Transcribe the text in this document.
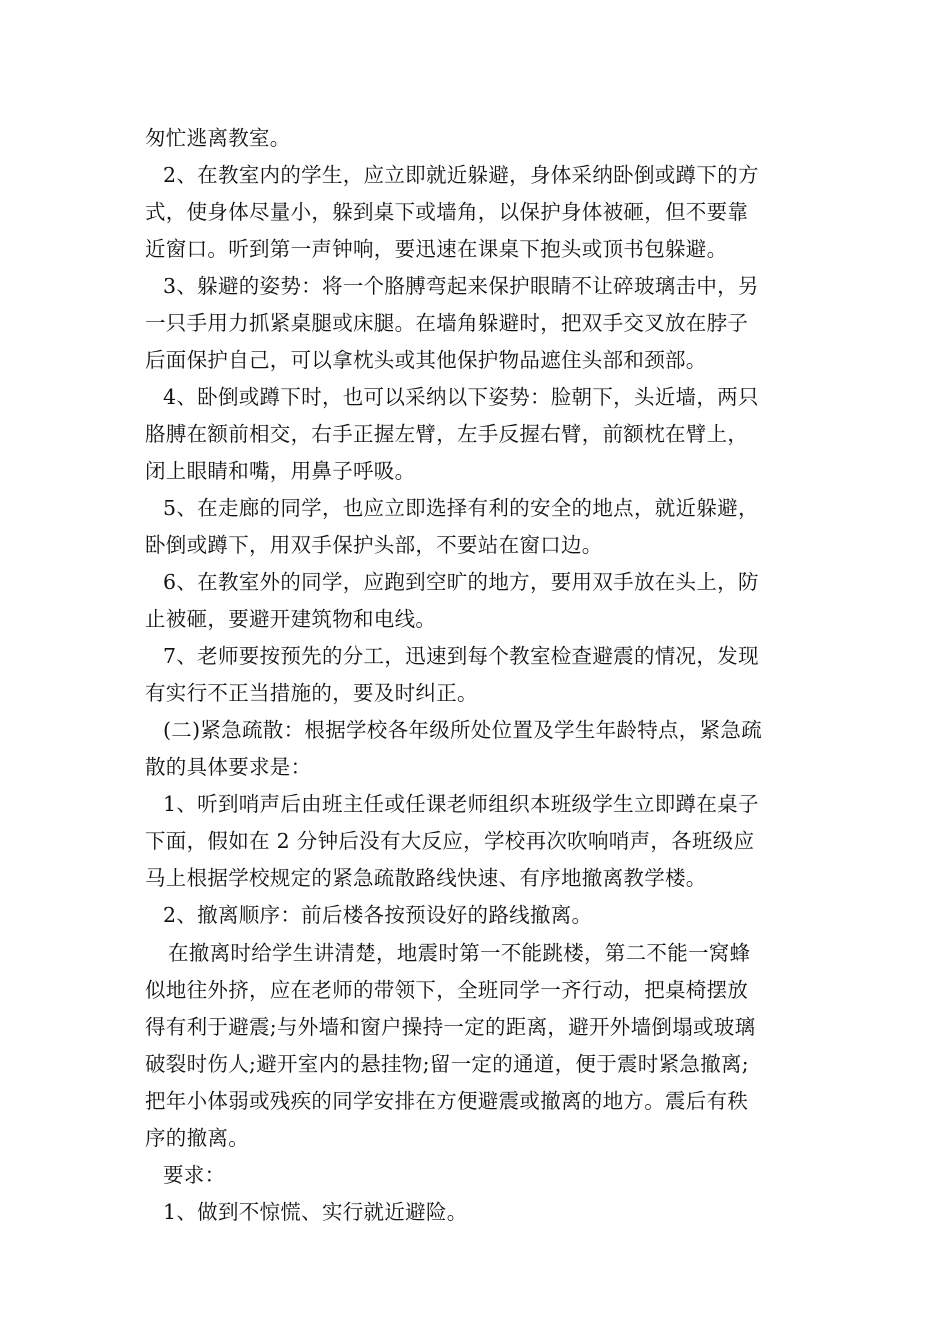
匆忙逃离教室。
2、在教室内的学生，应立即就近躲避，身体采纳卧倒或蹲下的方
式，使身体尽量小，躲到桌下或墙角，以保护身体被砸，但不要靠
近窗口。听到第一声钟响，要迅速在课桌下抱头或顶书包躲避。
3、躲避的姿势：将一个胳膊弯起来保护眼睛不让碎玻璃击中，另
一只手用力抓紧桌腿或床腿。在墙角躲避时，把双手交叉放在脖子
后面保护自己，可以拿枕头或其他保护物品遮住头部和颈部。
4、卧倒或蹲下时，也可以采纳以下姿势：脸朝下，头近墙，两只
胳膊在额前相交，右手正握左臂，左手反握右臂，前额枕在臂上，
闭上眼睛和嘴，用鼻子呼吸。
5、在走廊的同学，也应立即选择有利的安全的地点，就近躲避，
卧倒或蹲下，用双手保护头部，不要站在窗口边。
6、在教室外的同学，应跑到空旷的地方，要用双手放在头上，防
止被砸，要避开建筑物和电线。
7、老师要按预先的分工，迅速到每个教室检查避震的情况，发现
有实行不正当措施的，要及时纠正。
(二)紧急疏散：根据学校各年级所处位置及学生年龄特点，紧急疏
散的具体要求是：
1、听到哨声后由班主任或任课老师组织本班级学生立即蹲在桌子
下面，假如在 2 分钟后没有大反应，学校再次吹响哨声，各班级应
马上根据学校规定的紧急疏散路线快速、有序地撤离教学楼。
2、撤离顺序：前后楼各按预设好的路线撤离。
在撤离时给学生讲清楚，地震时第一不能跳楼，第二不能一窝蜂
似地往外挤，应在老师的带领下，全班同学一齐行动，把桌椅摆放
得有利于避震;与外墙和窗户操持一定的距离，避开外墙倒塌或玻璃
破裂时伤人;避开室内的悬挂物;留一定的通道，便于震时紧急撤离;
把年小体弱或残疾的同学安排在方便避震或撤离的地方。震后有秩
序的撤离。
要求：
1、做到不惊慌、实行就近避险。
